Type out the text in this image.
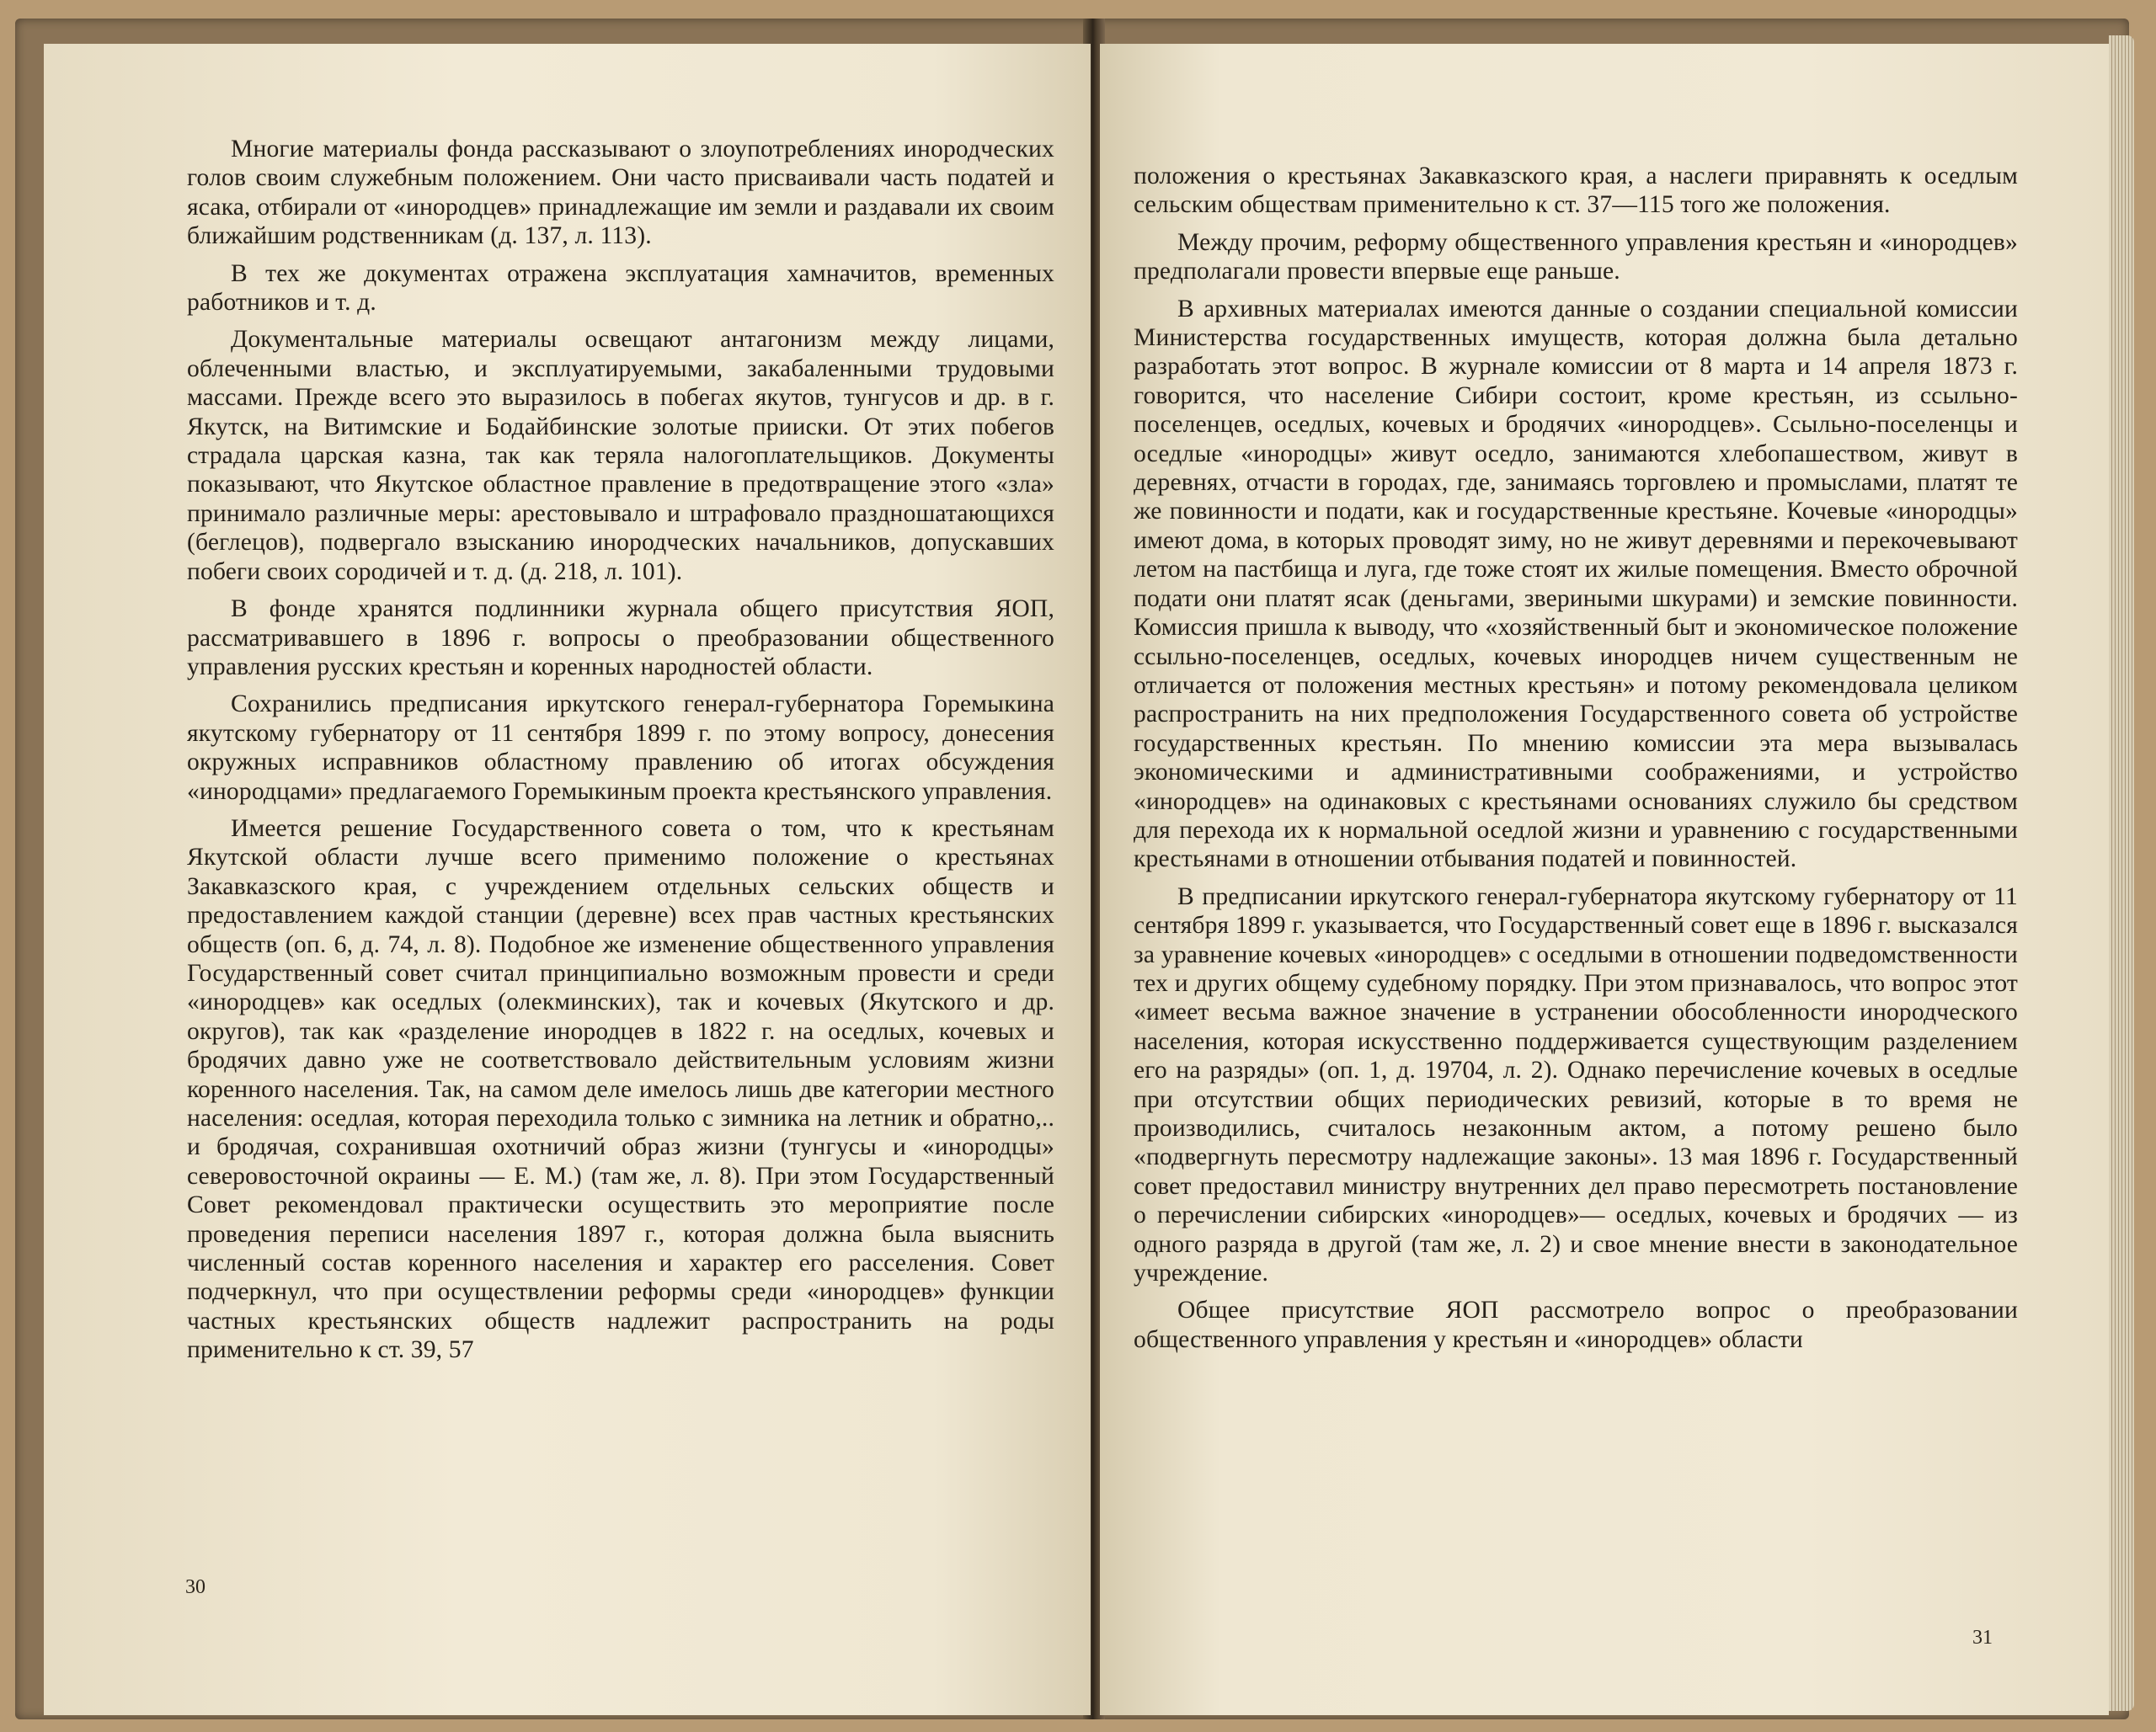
Многие материалы фонда рассказывают о злоупотреблениях инородческих голов своим служебным положением. Они часто присваивали часть податей и ясака, отбирали от «инородцев» принадлежащие им земли и раздавали их своим ближайшим родственникам (д. 137, л. 113).

В тех же документах отражена эксплуатация хамначитов, временных работников и т. д.

Документальные материалы освещают антагонизм между лицами, облеченными властью, и эксплуатируемыми, закабаленными трудовыми массами. Прежде всего это выразилось в побегах якутов, тунгусов и др. в г. Якутск, на Витимские и Бодайбинские золотые прииски. От этих побегов страдала царская казна, так как теряла налогоплательщиков. Документы показывают, что Якутское областное правление в предотвращение этого «зла» принимало различные меры: арестовывало и штрафовало праздношатающихся (беглецов), подвергало взысканию инородческих начальников, допускавших побеги своих сородичей и т. д. (д. 218, л. 101).

В фонде хранятся подлинники журнала общего присутствия ЯОП, рассматривавшего в 1896 г. вопросы о преобразовании общественного управления русских крестьян и коренных народностей области.

Сохранились предписания иркутского генерал-губернатора Горемыкина якутскому губернатору от 11 сентября 1899 г. по этому вопросу, донесения окружных исправников областному правлению об итогах обсуждения «инородцами» предлагаемого Горемыкиным проекта крестьянского управления.

Имеется решение Государственного совета о том, что к крестьянам Якутской области лучше всего применимо положение о крестьянах Закавказского края, с учреждением отдельных сельских обществ и предоставлением каждой станции (деревне) всех прав частных крестьянских обществ (оп. 6, д. 74, л. 8). Подобное же изменение общественного управления Государственный совет считал принципиально возможным провести и среди «инородцев» как оседлых (олекминских), так и кочевых (Якутского и др. округов), так как «разделение инородцев в 1822 г. на оседлых, кочевых и бродячих давно уже не соответствовало действительным условиям жизни коренного населения. Так, на самом деле имелось лишь две категории местного населения: оседлая, которая переходила только с зимника на летник и обратно,.. и бродячая, сохранившая охотничий образ жизни (тунгусы и «инородцы» северовосточной окраины — Е. М.) (там же, л. 8). При этом Государственный Совет рекомендовал практически осуществить это мероприятие после проведения переписи населения 1897 г., которая должна была выяснить численный состав коренного населения и характер его расселения. Совет подчеркнул, что при осуществлении реформы среди «инородцев» функции частных крестьянских обществ надлежит распространить на роды применительно к ст. 39, 57

30

положения о крестьянах Закавказского края, а наслеги приравнять к оседлым сельским обществам применительно к ст. 37—115 того же положения.

Между прочим, реформу общественного управления крестьян и «инородцев» предполагали провести впервые еще раньше.

В архивных материалах имеются данные о создании специальной комиссии Министерства государственных имуществ, которая должна была детально разработать этот вопрос. В журнале комиссии от 8 марта и 14 апреля 1873 г. говорится, что население Сибири состоит, кроме крестьян, из ссыльно-поселенцев, оседлых, кочевых и бродячих «инородцев». Ссыльно-поселенцы и оседлые «инородцы» живут оседло, занимаются хлебопашеством, живут в деревнях, отчасти в городах, где, занимаясь торговлею и промыслами, платят те же повинности и подати, как и государственные крестьяне. Кочевые «инородцы» имеют дома, в которых проводят зиму, но не живут деревнями и перекочевывают летом на пастбища и луга, где тоже стоят их жилые помещения. Вместо оброчной подати они платят ясак (деньгами, звериными шкурами) и земские повинности. Комиссия пришла к выводу, что «хозяйственный быт и экономическое положение ссыльно-поселенцев, оседлых, кочевых инородцев ничем существенным не отличается от положения местных крестьян» и потому рекомендовала целиком распространить на них предположения Государственного совета об устройстве государственных крестьян. По мнению комиссии эта мера вызывалась экономическими и административными соображениями, и устройство «инородцев» на одинаковых с крестьянами основаниях служило бы средством для перехода их к нормальной оседлой жизни и уравнению с государственными крестьянами в отношении отбывания податей и повинностей.

В предписании иркутского генерал-губернатора якутскому губернатору от 11 сентября 1899 г. указывается, что Государственный совет еще в 1896 г. высказался за уравнение кочевых «инородцев» с оседлыми в отношении подведомственности тех и других общему судебному порядку. При этом признавалось, что вопрос этот «имеет весьма важное значение в устранении обособленности инородческого населения, которая искусственно поддерживается существующим разделением его на разряды» (оп. 1, д. 19704, л. 2). Однако перечисление кочевых в оседлые при отсутствии общих периодических ревизий, которые в то время не производились, считалось незаконным актом, а потому решено было «подвергнуть пересмотру надлежащие законы». 13 мая 1896 г. Государственный совет предоставил министру внутренних дел право пересмотреть постановление о перечислении сибирских «инородцев»— оседлых, кочевых и бродячих — из одного разряда в другой (там же, л. 2) и свое мнение внести в законодательное учреждение.

Общее присутствие ЯОП рассмотрело вопрос о преобразовании общественного управления у крестьян и «инородцев» области

31
